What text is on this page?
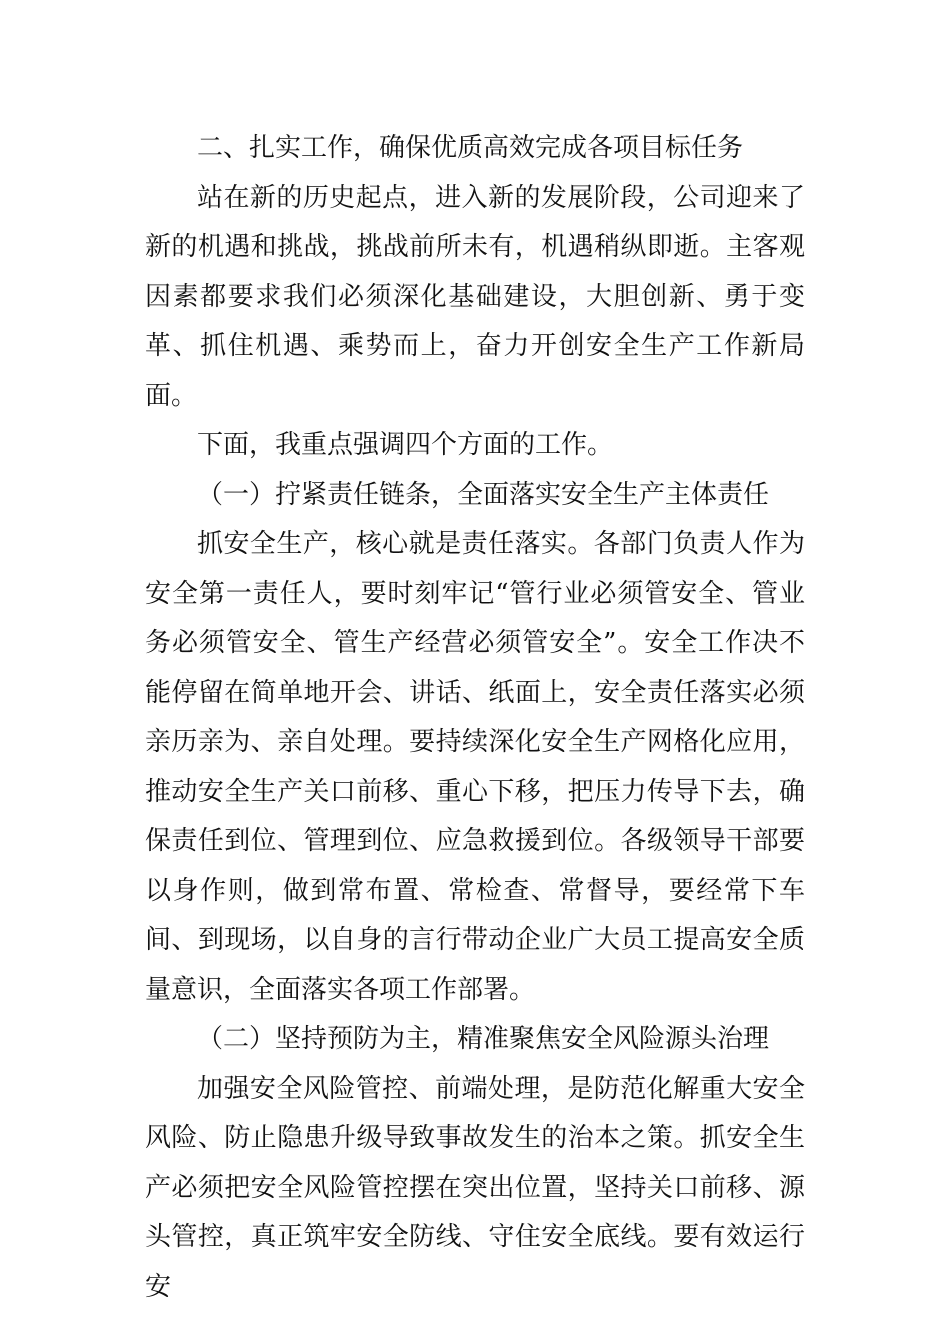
二、扎实工作，确保优质高效完成各项目标任务

站在新的历史起点，进入新的发展阶段，公司迎来了新的机遇和挑战，挑战前所未有，机遇稍纵即逝。主客观因素都要求我们必须深化基础建设，大胆创新、勇于变革、抓住机遇、乘势而上，奋力开创安全生产工作新局面。

下面，我重点强调四个方面的工作。

（一）拧紧责任链条，全面落实安全生产主体责任

抓安全生产，核心就是责任落实。各部门负责人作为安全第一责任人，要时刻牢记“管行业必须管安全、管业务必须管安全、管生产经营必须管安全”。安全工作决不能停留在简单地开会、讲话、纸面上，安全责任落实必须亲历亲为、亲自处理。要持续深化安全生产网格化应用，推动安全生产关口前移、重心下移，把压力传导下去，确保责任到位、管理到位、应急救援到位。各级领导干部要以身作则，做到常布置、常检查、常督导，要经常下车间、到现场，以自身的言行带动企业广大员工提高安全质量意识，全面落实各项工作部署。

（二）坚持预防为主，精准聚焦安全风险源头治理

加强安全风险管控、前端处理，是防范化解重大安全风险、防止隐患升级导致事故发生的治本之策。抓安全生产必须把安全风险管控摆在突出位置，坚持关口前移、源头管控，真正筑牢安全防线、守住安全底线。要有效运行安
